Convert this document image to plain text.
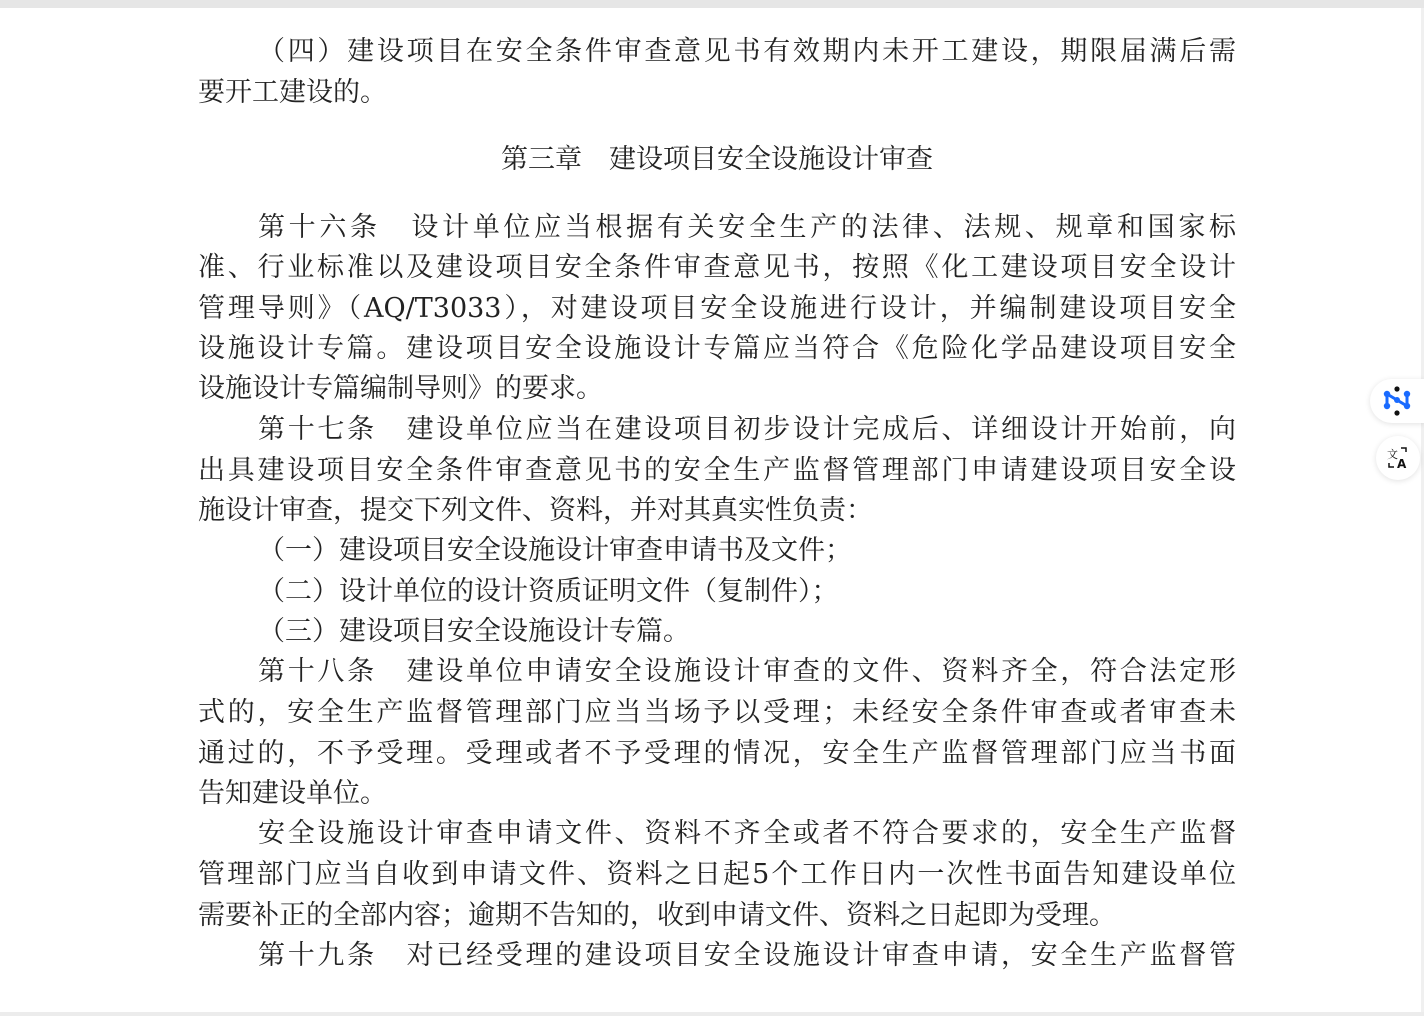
（四）建设项目在安全条件审查意见书有效期内未开工建设，期限届满后需
要开工建设的。
第三章　建设项目安全设施设计审查
第十六条　设计单位应当根据有关安全生产的法律、法规、规章和国家标
准、行业标准以及建设项目安全条件审查意见书，按照《化工建设项目安全设计
管理导则》（AQ/T3033），对建设项目安全设施进行设计，并编制建设项目安全
设施设计专篇。建设项目安全设施设计专篇应当符合《危险化学品建设项目安全
设施设计专篇编制导则》的要求。
第十七条　建设单位应当在建设项目初步设计完成后、详细设计开始前，向
出具建设项目安全条件审查意见书的安全生产监督管理部门申请建设项目安全设
施设计审查，提交下列文件、资料，并对其真实性负责：
（一）建设项目安全设施设计审查申请书及文件；
（二）设计单位的设计资质证明文件（复制件）；
（三）建设项目安全设施设计专篇。
第十八条　建设单位申请安全设施设计审查的文件、资料齐全，符合法定形
式的，安全生产监督管理部门应当当场予以受理；未经安全条件审查或者审查未
通过的，不予受理。受理或者不予受理的情况，安全生产监督管理部门应当书面
告知建设单位。
安全设施设计审查申请文件、资料不齐全或者不符合要求的，安全生产监督
管理部门应当自收到申请文件、资料之日起5个工作日内一次性书面告知建设单位
需要补正的全部内容；逾期不告知的，收到申请文件、资料之日起即为受理。
第十九条　对已经受理的建设项目安全设施设计审查申请，安全生产监督管
文
A
